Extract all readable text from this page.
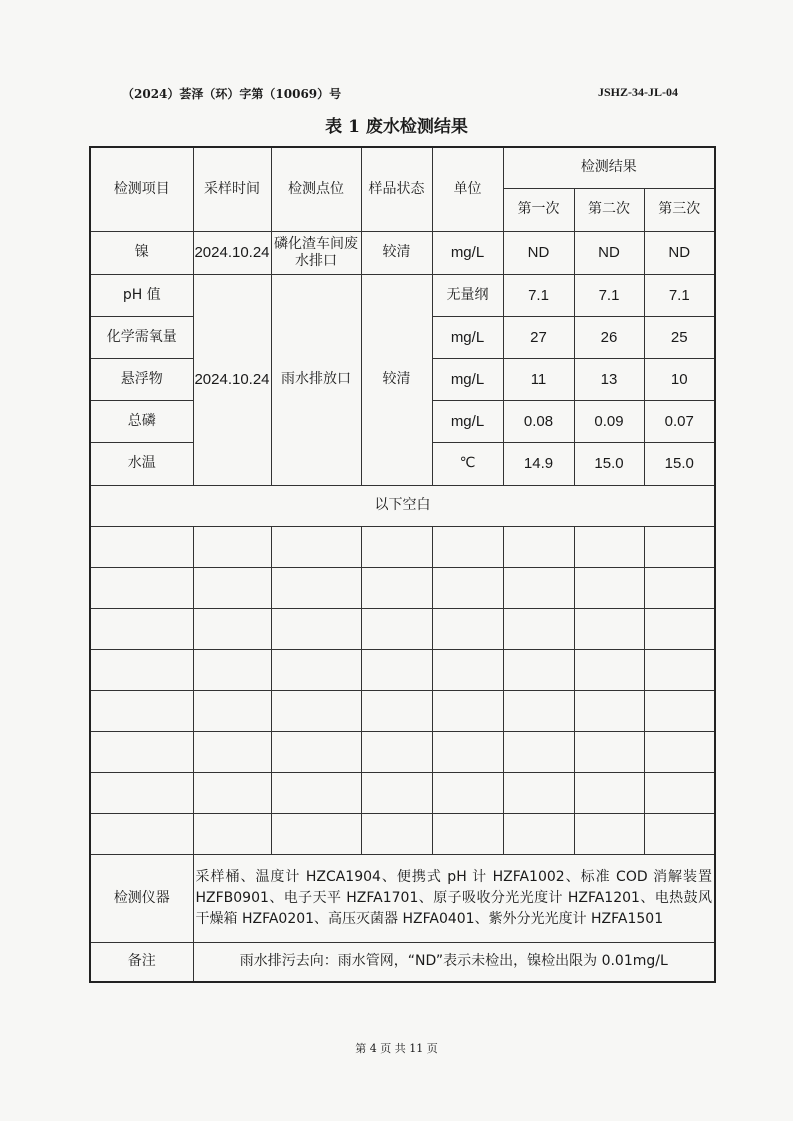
（2024）荟泽（环）字第（10069）号	JSHZ-34-JL-04
表 1 废水检测结果
检测项目	采样时间	检测点位	样品状态	单位	检测结果		
					第一次	第二次	第三次
镍	2024.10.24	磷化渣车间废水排口	较清	mg/L	ND	ND	ND
pH 值	2024.10.24	雨水排放口	较清	无量纲	7.1	7.1	7.1
化学需氧量				mg/L	27	26	25
悬浮物				mg/L	11	13	10
总磷				mg/L	0.08	0.09	0.07
水温				℃	14.9	15.0	15.0
以下空白							

检测仪器	采样桶、温度计 HZCA1904、便携式 pH 计 HZFA1002、标准 COD 消解装置 HZFB0901、电子天平 HZFA1701、原子吸收分光光度计 HZFA1201、电热鼓风干燥箱 HZFA0201、高压灭菌器 HZFA0401、紫外分光光度计 HZFA1501						
备注	雨水排污去向：雨水管网，“ND”表示未检出，镍检出限为 0.01mg/L						
第 4 页 共 11 页
